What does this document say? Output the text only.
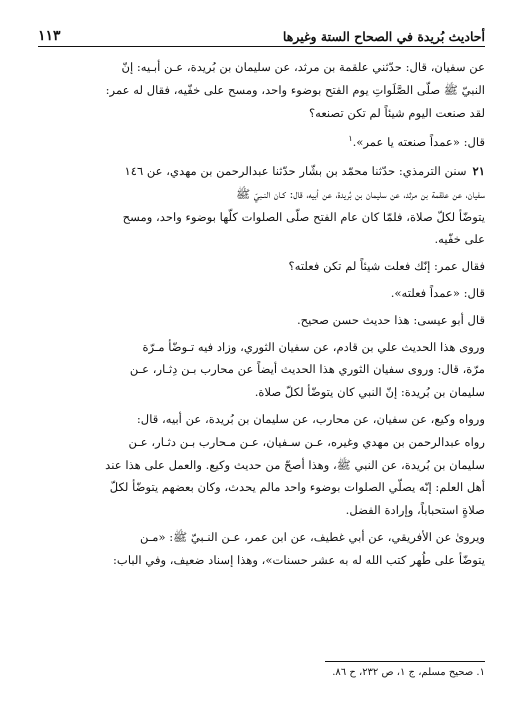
أحاديث بُريدة في الصحاح الستة وغيرها
١١٣

عن سفيان، قال: حدّثني علقمة بن مرثد، عن سليمان بن بُريدة، عـن أبـيه: إنّ
النبيّ ﷺ صلّى الصَّلَواتِ يوم الفتح بوضوء واحد، ومسح على خفّيه، فقال له عمر:
لقد صنعت اليوم شيئاً لم تكن تصنعه؟

قال: «عمداً صنعته يا عمر».$^١$

٢١سنن الترمذي: حدّثنا محمّد بن بشّار حدّثنا عبدالرحمن بن مهدي، عن ١٤٦
سفيان، عن علقمة بن مرثد، عن سليمان بن بُريدة، عن أبيه، قال: كـان النـبيّ ﷺ
يتوضّأ لكلّ صلاة، فلمّا كان عام الفتح صلّى الصلوات كلّها بوضوء واحد، ومسح
على خفّيه.

فقال عمر: إنّك فعلت شيئاً لم تكن فعلته؟

قال: «عمداً فعلته».

قال أبو عيسى: هذا حديث حسن صحيح.

وروى هذا الحديث علي بن قادم، عن سفيان الثوري، وزاد فيه تـوضّأ مـرّة
مرّة، قال: وروى سفيان الثوري هذا الحديث أيضاً عن محارب بـن دِثـار، عـن
سليمان بن بُريدة: إنّ النبي كان يتوضّأ لكلّ صلاة.

ورواه وكيع، عن سفيان، عن محارب، عن سليمان بن بُريدة، عن أبيه، قال:
رواه عبدالرحمن بن مهدي وغيره، عـن سـفيان، عـن مـحارب بـن دثـار، عـن
سليمان بن بُريدة، عن النبي ﷺ، وهذا أصحّ من حديث وكيع. والعمل على هذا عند
أهل العلم: إنّه يصلّي الصلوات بوضوء واحد مالم يحدث، وكان بعضهم يتوضّأ لكلّ
صلاةٍ استحباباً، وإرادة الفضل.

ويروىٰ عن الأفريقي، عن أبي غطيف، عن ابن عمر، عـن النـبيّ ﷺ: «مـن
يتوضّأ على طُهر كتب الله له به عشر حسنات»، وهذا إسناد ضعيف، وفي الباب:

١. صحيح مسلم، ج ١، ص ٢٣٢، ح ٨٦.
